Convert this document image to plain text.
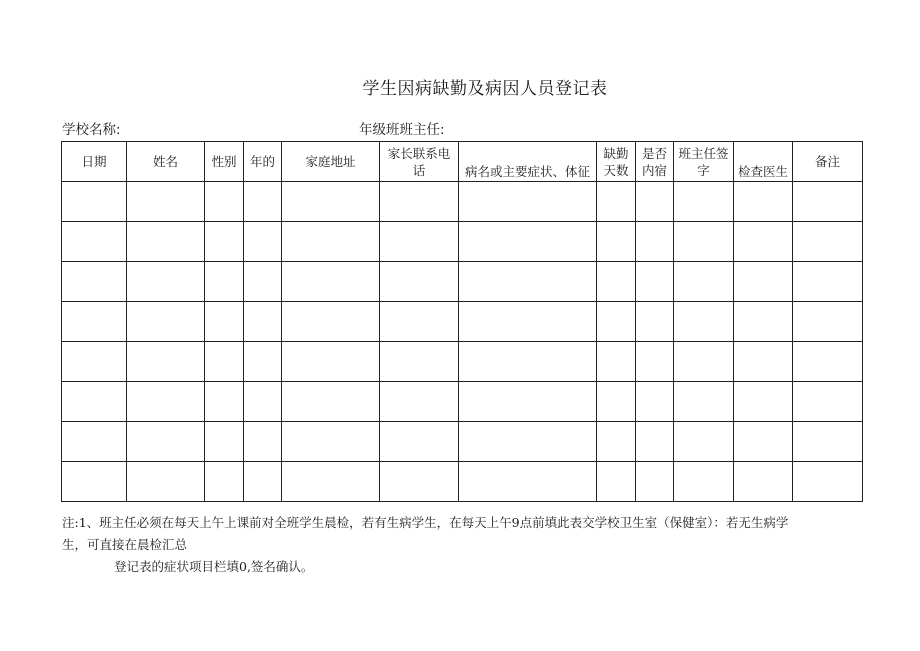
学生因病缺勤及病因人员登记表
学校名称:	年级班班主任:
日期	姓名	性别	年的	家庭地址	家长联系电话	病名或主要症状、体征	缺勤天数	是否内宿	班主任签字	检查医生	备注

注:1、班主任必须在每天上午上课前对全班学生晨检，若有生病学生，在每天上午9点前填此表交学校卫生室（保健室）：若无生病学

生，可直接在晨检汇总

登记表的症状项目栏填0,签名确认。
